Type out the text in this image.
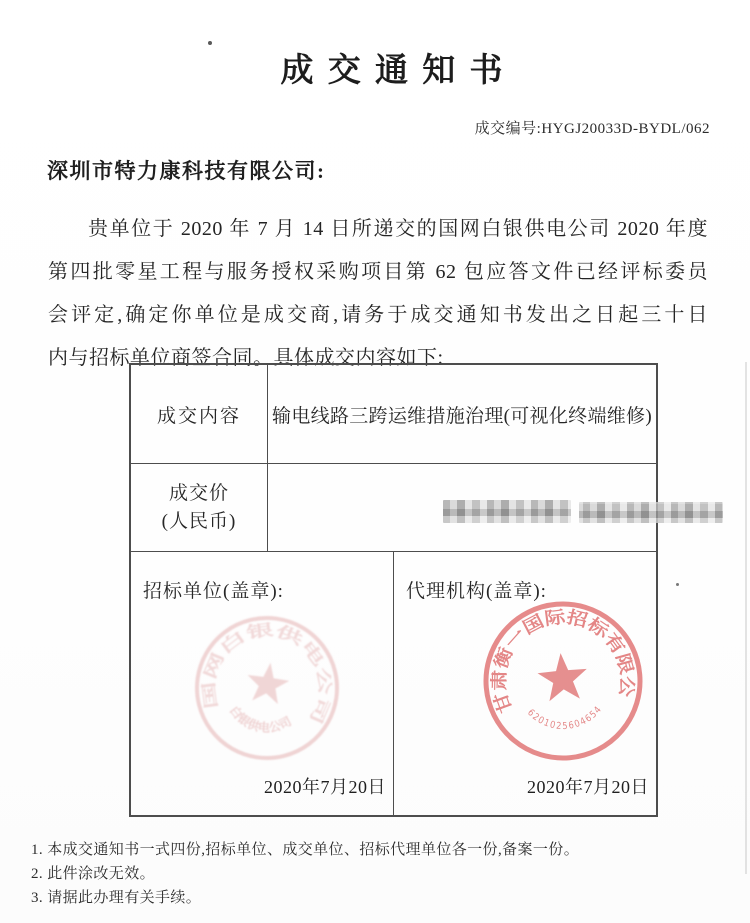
成 交 通 知 书
成交编号:HYGJ20033D-BYDL/062
深圳市特力康科技有限公司:
贵单位于 2020 年 7 月 14 日所递交的国网白银供电公司 2020 年度
第四批零星工程与服务授权采购项目第 62 包应答文件已经评标委员
会评定,确定你单位是成交商,请务于成交通知书发出之日起三十日
内与招标单位商签合同。具体成交内容如下:
成交内容 输电线路三跨运维措施治理(可视化终端维修)
成交价
(人民币)
招标单位(盖章):
2020年7月20日
代理机构(盖章):
2020年7月20日
国网白银供电公司
白银供电公司
甘肃衡一国际招标有限公司
6201025604654
1. 本成交通知书一式四份,招标单位、成交单位、招标代理单位各一份,备案一份。
2. 此件涂改无效。
3. 请据此办理有关手续。
